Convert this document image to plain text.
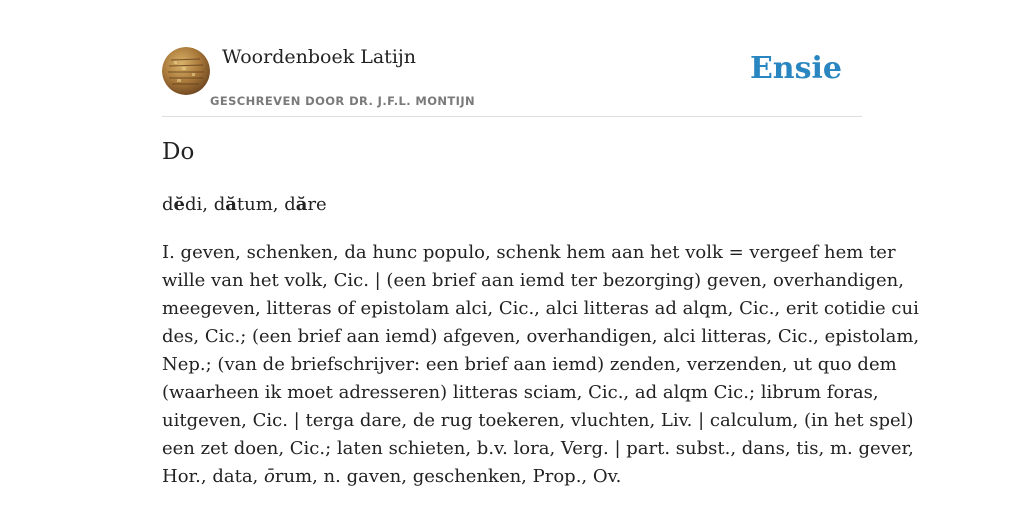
Woordenboek Latijn
GESCHREVEN DOOR DR. J.F.L. MONTIJN
Ensie
Do
dĕdi, dătum, dăre
I. geven, schenken, da hunc populo, schenk hem aan het volk = vergeef hem ter
wille van het volk, Cic. | (een brief aan iemd ter bezorging) geven, overhandigen,
meegeven, litteras of epistolam alci, Cic., alci litteras ad alqm, Cic., erit cotidie cui
des, Cic.; (een brief aan iemd) afgeven, overhandigen, alci litteras, Cic., epistolam,
Nep.; (van de briefschrijver: een brief aan iemd) zenden, verzenden, ut quo dem
(waarheen ik moet adresseren) litteras sciam, Cic., ad alqm Cic.; librum foras,
uitgeven, Cic. | terga dare, de rug toekeren, vluchten, Liv. | calculum, (in het spel)
een zet doen, Cic.; laten schieten, b.v. lora, Verg. | part. subst., dans, tis, m. gever,
Hor., data, ōrum, n. gaven, geschenken, Prop., Ov.
